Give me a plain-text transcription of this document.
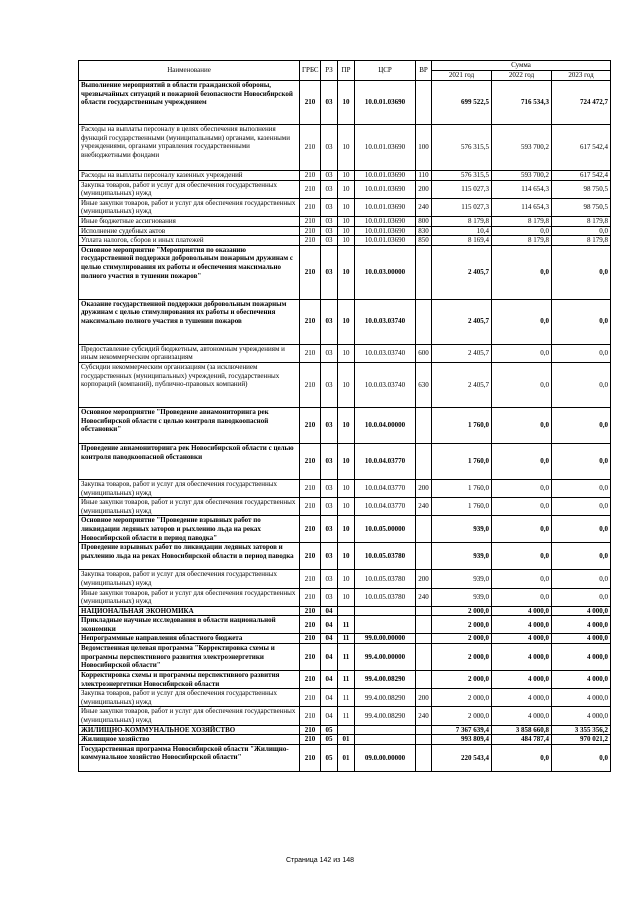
Наименование	ГРБС	РЗ	ПР	ЦСР	ВР	Сумма		
						2021 год	2022 год	2023 год
Выполнение мероприятий в области гражданской обороны, чрезвычайных ситуаций и пожарной безопасности Новосибирской области государственным учреждением	210	03	10	10.0.01.03690		699 522,5	716 534,3	724 472,7
Расходы на выплаты персоналу в целях обеспечения выполнения функций государственными (муниципальными) органами, казенными учреждениями, органами управления государственными внебюджетными фондами	210	03	10	10.0.01.03690	100	576 315,5	593 700,2	617 542,4
Расходы на выплаты персоналу казенных учреждений	210	03	10	10.0.01.03690	110	576 315,5	593 700,2	617 542,4
Закупка товаров, работ и услуг для обеспечения государственных (муниципальных) нужд	210	03	10	10.0.01.03690	200	115 027,3	114 654,3	98 750,5
Иные закупки товаров, работ и услуг для обеспечения государственных (муниципальных) нужд	210	03	10	10.0.01.03690	240	115 027,3	114 654,3	98 750,5
Иные бюджетные ассигнования	210	03	10	10.0.01.03690	800	8 179,8	8 179,8	8 179,8
Исполнение судебных актов	210	03	10	10.0.01.03690	830	10,4	0,0	0,0
Уплата налогов, сборов и иных платежей	210	03	10	10.0.01.03690	850	8 169,4	8 179,8	8 179,8
Основное мероприятие "Мероприятия по оказанию государственной поддержки добровольным пожарным дружинам с целью стимулирования их работы и обеспечения максимально полного участия в тушении пожаров"	210	03	10	10.0.03.00000		2 405,7	0,0	0,0
Оказание государственной поддержки добровольным пожарным дружинам с целью стимулирования их работы и обеспечения максимально полного участия в тушении пожаров	210	03	10	10.0.03.03740		2 405,7	0,0	0,0
Предоставление субсидий бюджетным, автономным учреждениям и иным некоммерческим организациям	210	03	10	10.0.03.03740	600	2 405,7	0,0	0,0
Субсидии некоммерческим организациям (за исключением государственных (муниципальных) учреждений, государственных корпораций (компаний), публично-правовых компаний)	210	03	10	10.0.03.03740	630	2 405,7	0,0	0,0
Основное мероприятие "Проведение авиамониторинга рек Новосибирской области с целью контроля паводкоопасной обстановки"	210	03	10	10.0.04.00000		1 760,0	0,0	0,0
Проведение авиамониторинга рек Новосибирской области с целью контроля паводкоопасной обстановки	210	03	10	10.0.04.03770		1 760,0	0,0	0,0
Закупка товаров, работ и услуг для обеспечения государственных (муниципальных) нужд	210	03	10	10.0.04.03770	200	1 760,0	0,0	0,0
Иные закупки товаров, работ и услуг для обеспечения государственных (муниципальных) нужд	210	03	10	10.0.04.03770	240	1 760,0	0,0	0,0
Основное мероприятие "Проведение взрывных работ по ликвидации ледяных заторов и рыхлению льда на реках Новосибирской области в период паводка"	210	03	10	10.0.05.00000		939,0	0,0	0,0
Проведение взрывных работ по ликвидации ледяных заторов и рыхлению льда на реках Новосибирской области в период паводка	210	03	10	10.0.05.03780		939,0	0,0	0,0
Закупка товаров, работ и услуг для обеспечения государственных (муниципальных) нужд	210	03	10	10.0.05.03780	200	939,0	0,0	0,0
Иные закупки товаров, работ и услуг для обеспечения государственных (муниципальных) нужд	210	03	10	10.0.05.03780	240	939,0	0,0	0,0
НАЦИОНАЛЬНАЯ ЭКОНОМИКА	210	04				2 000,0	4 000,0	4 000,0
Прикладные научные исследования в области национальной экономики	210	04	11			2 000,0	4 000,0	4 000,0
Непрограммные направления областного бюджета	210	04	11	99.0.00.00000		2 000,0	4 000,0	4 000,0
Ведомственная целевая программа "Корректировка схемы и программы перспективного развития электроэнергетики Новосибирской области"	210	04	11	99.4.00.00000		2 000,0	4 000,0	4 000,0
Корректировка схемы и программы перспективного развития электроэнергетики Новосибирской области	210	04	11	99.4.00.08290		2 000,0	4 000,0	4 000,0
Закупка товаров, работ и услуг для обеспечения государственных (муниципальных) нужд	210	04	11	99.4.00.08290	200	2 000,0	4 000,0	4 000,0
Иные закупки товаров, работ и услуг для обеспечения государственных (муниципальных) нужд	210	04	11	99.4.00.08290	240	2 000,0	4 000,0	4 000,0
ЖИЛИЩНО-КОММУНАЛЬНОЕ ХОЗЯЙСТВО	210	05				7 367 639,4	3 858 660,8	3 355 356,2
Жилищное хозяйство	210	05	01			993 809,4	484 787,4	970 021,2
Государственная программа Новосибирской области "Жилищно-коммунальное хозяйство Новосибирской области"	210	05	01	09.0.00.00000		220 543,4	0,0	0,0
Страница 142 из 148
